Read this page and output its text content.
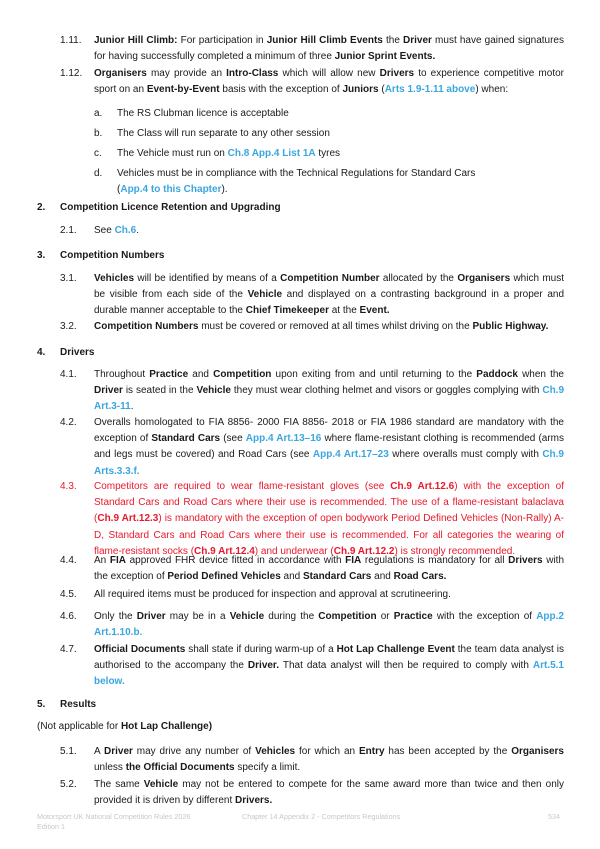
1.11. Junior Hill Climb: For participation in Junior Hill Climb Events the Driver must have gained signatures for having successfully completed a minimum of three Junior Sprint Events.
1.12. Organisers may provide an Intro-Class which will allow new Drivers to experience competitive motor sport on an Event-by-Event basis with the exception of Juniors (Arts 1.9-1.11 above) when:
a. The RS Clubman licence is acceptable
b. The Class will run separate to any other session
c. The Vehicle must run on Ch.8 App.4 List 1A tyres
d. Vehicles must be in compliance with the Technical Regulations for Standard Cars
(App.4 to this Chapter).
2. Competition Licence Retention and Upgrading
2.1. See Ch.6.
3. Competition Numbers
3.1. Vehicles will be identified by means of a Competition Number allocated by the Organisers which must be visible from each side of the Vehicle and displayed on a contrasting background in a proper and durable manner acceptable to the Chief Timekeeper at the Event.
3.2. Competition Numbers must be covered or removed at all times whilst driving on the Public Highway.
4. Drivers
4.1. Throughout Practice and Competition upon exiting from and until returning to the Paddock when the Driver is seated in the Vehicle they must wear clothing helmet and visors or goggles complying with Ch.9 Art.3-11.
4.2. Overalls homologated to FIA 8856- 2000 FIA 8856- 2018 or FIA 1986 standard are mandatory with the exception of Standard Cars (see App.4 Art.13–16 where flame-resistant clothing is recommended (arms and legs must be covered) and Road Cars (see App.4 Art.17–23 where overalls must comply with Ch.9 Arts.3.3.f.
4.3. Competitors are required to wear flame-resistant gloves (see Ch.9 Art.12.6) with the exception of Standard Cars and Road Cars where their use is recommended. The use of a flame-resistant balaclava (Ch.9 Art.12.3) is mandatory with the exception of open bodywork Period Defined Vehicles (Non-Rally) A-D, Standard Cars and Road Cars where their use is recommended. For all categories the wearing of flame-resistant socks (Ch.9 Art.12.4) and underwear (Ch.9 Art.12.2) is strongly recommended.
4.4. An FIA approved FHR device fitted in accordance with FIA regulations is mandatory for all Drivers with the exception of Period Defined Vehicles and Standard Cars and Road Cars.
4.5. All required items must be produced for inspection and approval at scrutineering.
4.6. Only the Driver may be in a Vehicle during the Competition or Practice with the exception of App.2 Art.1.10.b.
4.7. Official Documents shall state if during warm-up of a Hot Lap Challenge Event the team data analyst is authorised to the accompany the Driver. That data analyst will then be required to comply with Art.5.1 below.
5. Results
(Not applicable for Hot Lap Challenge)
5.1. A Driver may drive any number of Vehicles for which an Entry has been accepted by the Organisers unless the Official Documents specify a limit.
5.2. The same Vehicle may not be entered to compete for the same award more than twice and then only provided it is driven by different Drivers.
Motorsport UK National Competition Rules 2026
Edition 1
Chapter 14 Appendix 2 - Competitors Regulations	534
